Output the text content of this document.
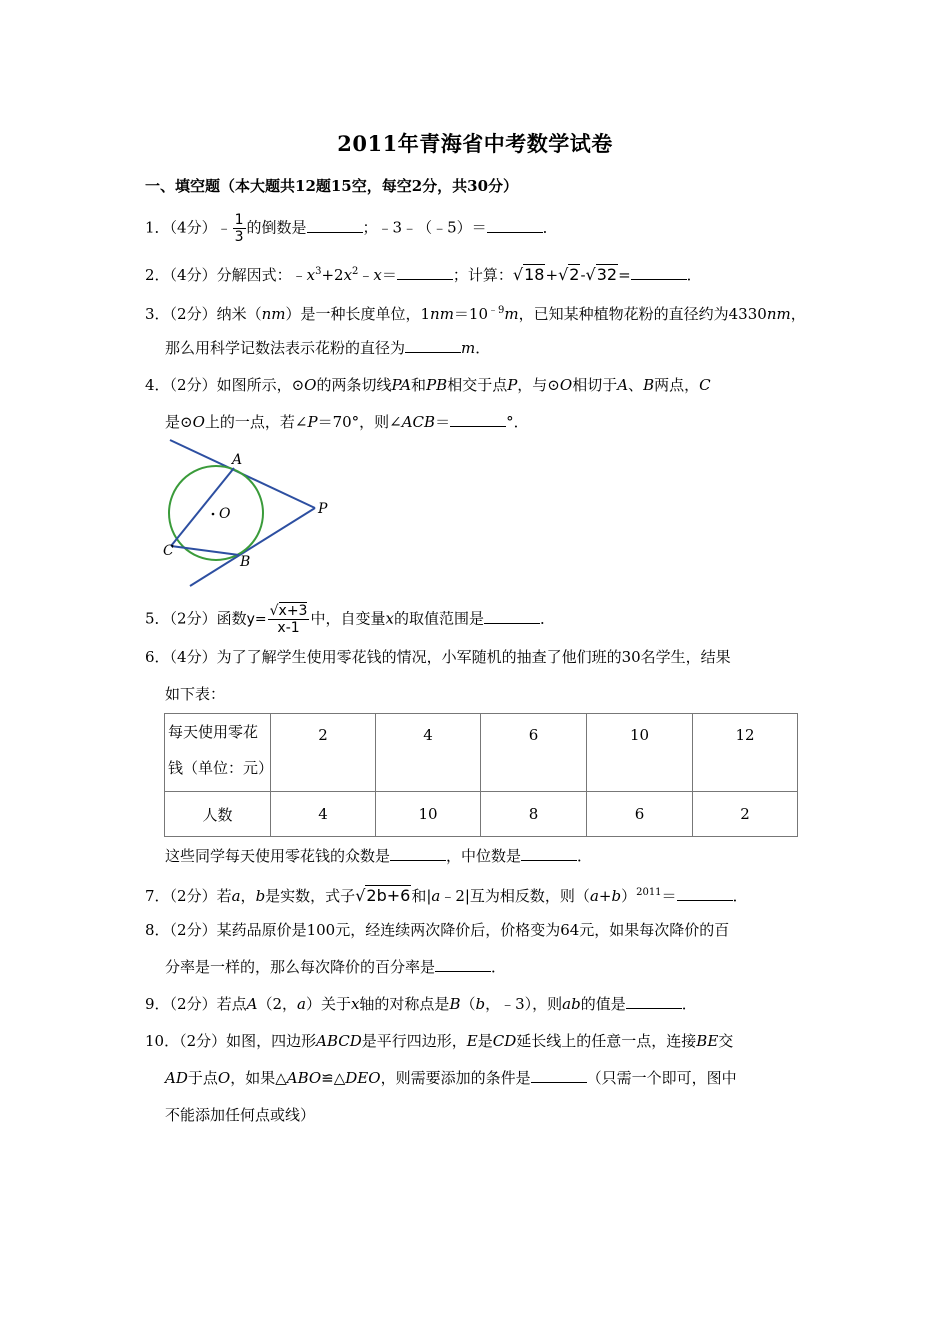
2011年青海省中考数学试卷
一、填空题（本大题共12题15空，每空2分，共30分）
1．（4分）﹣ $\frac{1}{3}$ 的倒数是	；﹣3﹣（﹣5）＝	．
2．（4分）分解因式：$﹣x^3+2x^2﹣x=$	；计算：√18+√2-√32=	．
3．（2分）纳米（nm）是一种长度单位，$1nm=10^{﹣9}m$，已知某种植物花粉的直径约为4330nm，
那么用科学记数法表示花粉的直径为	m．
4．（2分）如图所示，⊙O的两条切线PA和PB相交于点P，与⊙O相切于A、B两点，C
是⊙O上的一点，若∠P＝70°，则∠ACB＝	°．
A
B
C
O	P
5．（2分）函数$y= \frac{√x+3}{x-1}$ 中，自变量x的取值范围是	．
6．（4分）为了了解学生使用零花钱的情况，小军随机的抽查了他们班的30名学生，结果
如下表：
每天使用零花
钱（单位：元）	2	4	6	10	12
人数	4	10	8	6	2
这些同学每天使用零花钱的众数是	，中位数是	．
7．（2分）若a，b是实数，式子√2b+6和|a﹣2|互为相反数，则$(a+b)^{2011}=$	．
8．（2分）某药品原价是100元，经连续两次降价后，价格变为64元，如果每次降价的百
分率是一样的，那么每次降价的百分率是	．
9．（2分）若点A（2，a）关于x轴的对称点是B（b，﹣3），则ab的值是	．
10．（2分）如图，四边形ABCD是平行四边形，E是CD延长线上的任意一点，连接BE交
AD于点O，如果△ABO≌△DEO，则需要添加的条件是	（只需一个即可，图中
不能添加任何点或线）
